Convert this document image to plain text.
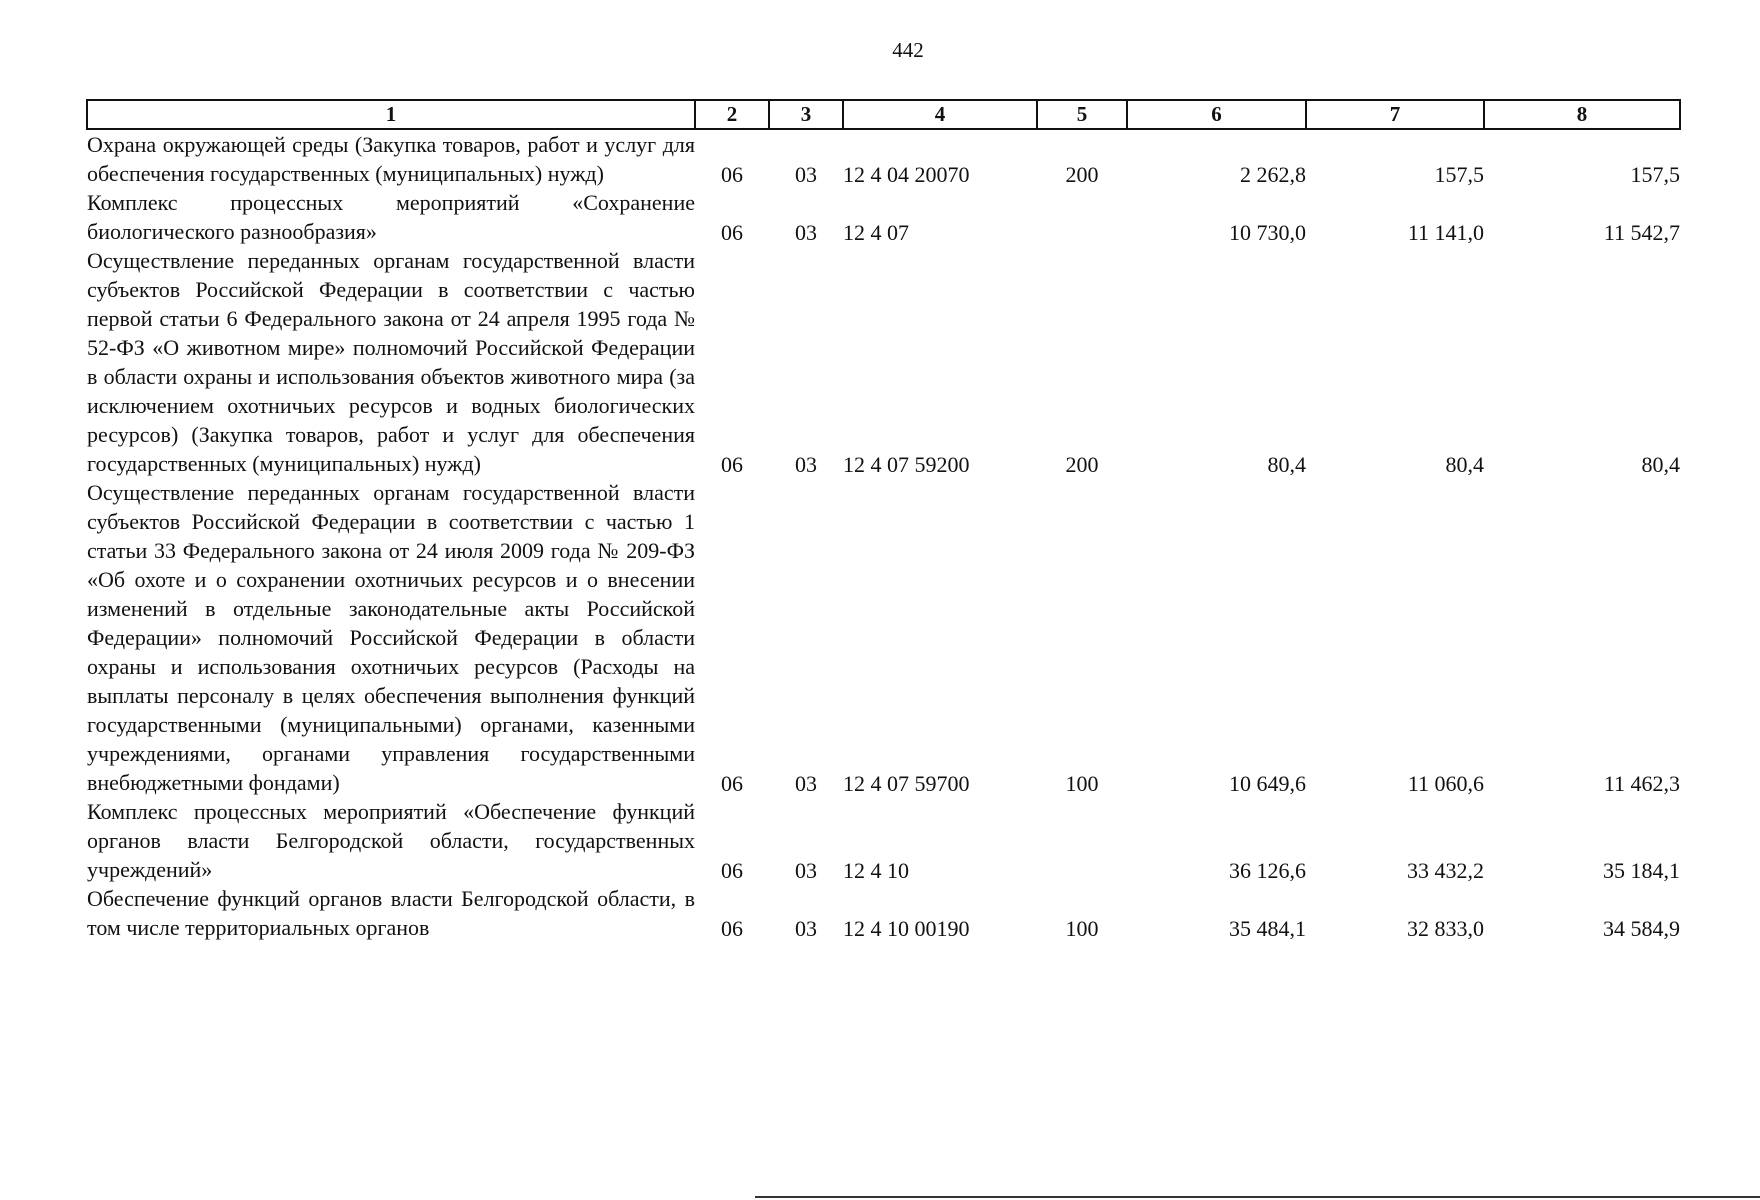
442
1	2	3	4	5	6	7	8
Охрана окружающей среды (Закупка товаров, работ и услуг для обеспечения государственных (муниципальных) нужд)	06	03	12 4 04 20070	200	2 262,8	157,5	157,5
Комплекс процессных мероприятий «Сохранение биологического разнообразия»	06	03	12 4 07		10 730,0	11 141,0	11 542,7
Осуществление переданных органам государственной власти субъектов Российской Федерации в соответствии с частью первой статьи 6 Федерального закона от 24 апреля 1995 года № 52-ФЗ «О животном мире» полномочий Российской Федерации в области охраны и использования объектов животного мира (за исключением охотничьих ресурсов и водных биологических ресурсов) (Закупка товаров, работ и услуг для обеспечения государственных (муниципальных) нужд)	06	03	12 4 07 59200	200	80,4	80,4	80,4
Осуществление переданных органам государственной власти субъектов Российской Федерации в соответствии с частью 1 статьи 33 Федерального закона от 24 июля 2009 года № 209-ФЗ «Об охоте и о сохранении охотничьих ресурсов и о внесении изменений в отдельные законодательные акты Российской Федерации» полномочий Российской Федерации в области охраны и использования охотничьих ресурсов (Расходы на выплаты персоналу в целях обеспечения выполнения функций государственными (муниципальными) органами, казенными учреждениями, органами управления государственными внебюджетными фондами)	06	03	12 4 07 59700	100	10 649,6	11 060,6	11 462,3
Комплекс процессных мероприятий «Обеспечение функций органов власти Белгородской области, государственных учреждений»	06	03	12 4 10		36 126,6	33 432,2	35 184,1
Обеспечение функций органов власти Белгородской области, в том числе территориальных органов	06	03	12 4 10 00190	100	35 484,1	32 833,0	34 584,9
